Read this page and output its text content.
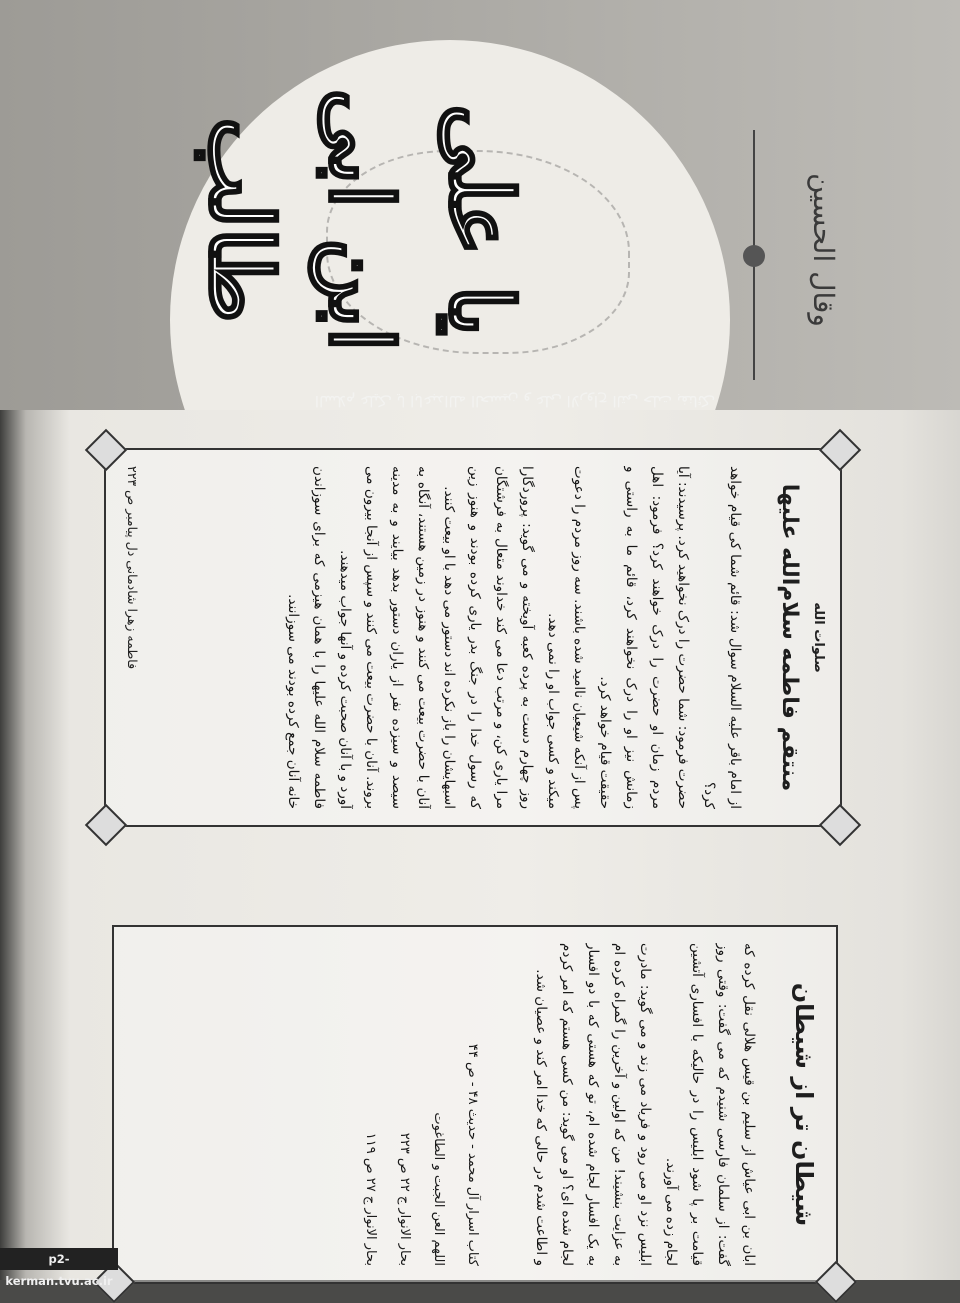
وقال الحسین
السلام علیک یا اباعبدالله الحسین و علی الارواح التی حلت بفنائک
یا علی ابن ابی طالب
صلوات الله
منتقم فاطمه سلام‌الله علیها

از امام باقر علیه السلام سوال شد: قائم شما کی قیام خواهد کرد؟

حضرت فرمود: شما حضرت را درک نخواهید کرد. پرسیدند: آیا مردم زمان او حضرت را درک خواهند کرد؟ فرمود: اهل زمانش نیز او را درک نخواهند کرد، قائم ما به راستی و حقیقت قیام خواهد کرد.

پس از آنکه شیعیان ناامید شده باشند. سه روز مردم را دعوت میکند و کسی جواب او را نمی دهد.

روز چهارم دست به پرده کعبه آویخته و می گوید: پروردگارا مرا یاری کن، و مرتب دعا می کند خداوند متعال به فرشتگان که رسول خدا را در جنگ بدر یاری کرده بودند و هنوز زین اسبهایشان را باز نکرده اند دستور می دهد با او بیعت کنند.

آنان با حضرت بیعت می کنند و هنوز در زمین هستند، آنگاه به سیصد و سیزده نفر از یاران دستور بدهد بیایند و به مدینه بروند. آنان با حضرت بیعت می کنند و سپس از آنجا بیرون می آورد و با آنان صحبت کرده و آنها جواب میدهند.

فاطمه سلام الله علیها را با همان هیزمی که برای سوزاندن خانه آنان جمع کرده بودند می سوزانند.

فاطمه زهرا شادمانی دل پیامبر ص ۲۲۳
شیطان تر از شیطان

ابان بن ابی عیاش از سلیم بن قیس هلالی نقل کرده که گفت: از سلمان فارسی شنیدم که می گفت: وقتی روز قیامت بر پا شود ابلیس را در حالیکه با افساری آتشین لجام زده می آورند.

ابلیس نزد او می رود و فریاد می زند و می گوید: مادرت به عزایت بنشیند! من که اولین و آخرین را گمراه کرده ام به یک افسار لجام شده ام، تو که هستی که با دو افسار لجام شده ای؟ او می گوید: من کسی هستم که امر کردم و اطاعت شدم در حالی که خدا امر کند و عصیان شد.

کتاب اسرار آل محمد - حدیث ۴۸ - ص ۴۴
اللهم العن الجبت و الطاغوت
بحار الانوار ج ۲۲ ص ۲۲۳
بحار الانوار ج ۲۷ ص ۱۱۹
p2-kerman.tvu.ac.ir
